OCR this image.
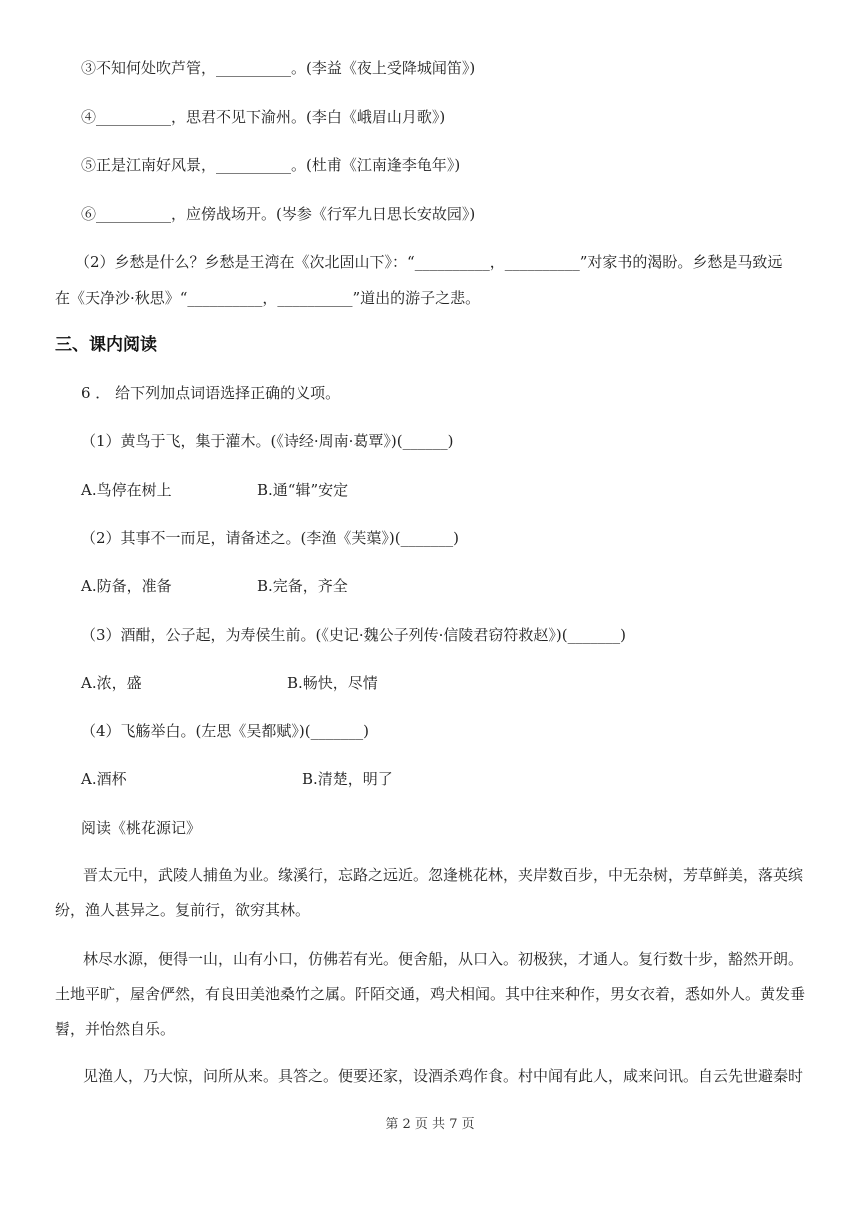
③不知何处吹芦管，__________。(李益《夜上受降城闻笛》)
④__________，思君不见下渝州。(李白《峨眉山月歌》)
⑤正是江南好风景，__________。(杜甫《江南逢李龟年》)
⑥__________，应傍战场开。(岑参《行军九日思长安故园》)
（2）乡愁是什么？乡愁是王湾在《次北固山下》：“__________，__________”对家书的渴盼。乡愁是马致远
在《天净沙·秋思》“__________，__________”道出的游子之悲。
三、课内阅读
6 ． 给下列加点词语选择正确的义项。
（1）黄鸟于飞，集于灌木。(《诗经·周南·葛覃》)(______)
A.鸟停在树上	B.通“辑”安定
（2）其事不一而足，请备述之。(李渔《芙蕖》)(_______)
A.防备，准备	B.完备，齐全
（3）酒酣，公子起，为寿侯生前。(《史记·魏公子列传·信陵君窃符救赵》)(_______)
A.浓，盛	B.畅快，尽情
（4）飞觞举白。(左思《吴都赋》)(_______)
A.酒杯	B.清楚，明了
阅读《桃花源记》
晋太元中，武陵人捕鱼为业。缘溪行，忘路之远近。忽逢桃花林，夹岸数百步，中无杂树，芳草鲜美，落英缤纷，渔人甚异之。复前行，欲穷其林。
林尽水源，便得一山，山有小口，仿佛若有光。便舍船，从口入。初极狭，才通人。复行数十步，豁然开朗。土地平旷，屋舍俨然，有良田美池桑竹之属。阡陌交通，鸡犬相闻。其中往来种作，男女衣着，悉如外人。黄发垂髫，并怡然自乐。
见渔人，乃大惊，问所从来。具答之。便要还家，设酒杀鸡作食。村中闻有此人，咸来问讯。自云先世避秦时
第 2 页 共 7 页
